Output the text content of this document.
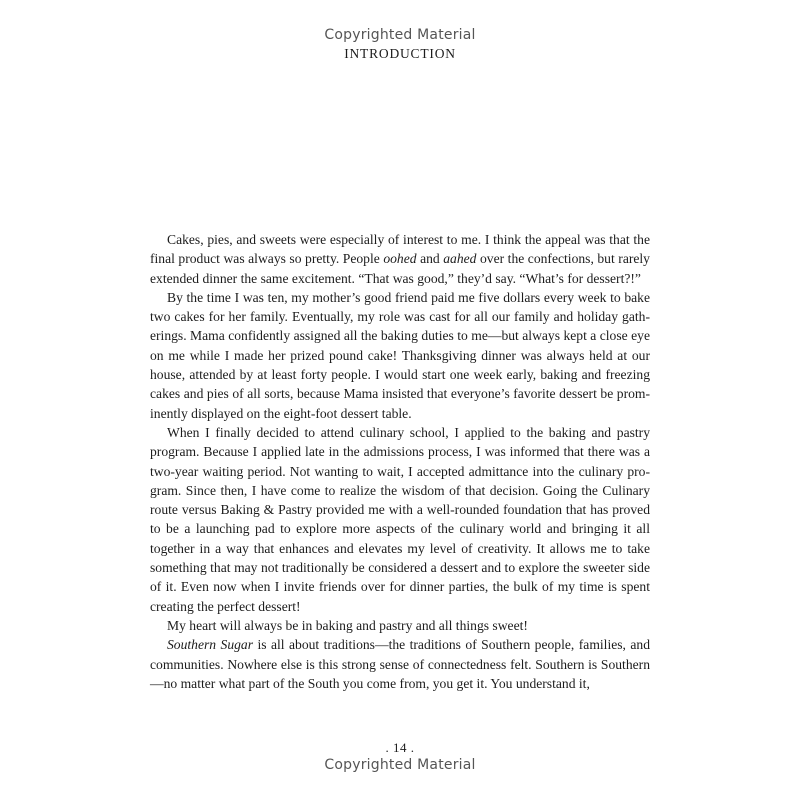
Copyrighted Material
INTRODUCTION

Cakes, pies, and sweets were especially of interest to me. I think the appeal was that the final product was always so pretty. People oohed and aahed over the confections, but rarely extended dinner the same excitement. “That was good,” they’d say. “What’s for dessert?!”

By the time I was ten, my mother’s good friend paid me five dollars every week to bake two cakes for her family. Eventually, my role was cast for all our family and holiday gatherings. Mama confidently assigned all the baking duties to me—but always kept a close eye on me while I made her prized pound cake! Thanksgiving dinner was always held at our house, attended by at least forty people. I would start one week early, baking and freezing cakes and pies of all sorts, because Mama insisted that everyone’s favorite dessert be prominently displayed on the eight-foot dessert table.

When I finally decided to attend culinary school, I applied to the baking and pastry program. Because I applied late in the admissions process, I was informed that there was a two-year waiting period. Not wanting to wait, I accepted admittance into the culinary program. Since then, I have come to realize the wisdom of that decision. Going the Culinary route versus Baking & Pastry provided me with a well-rounded foundation that has proved to be a launching pad to explore more aspects of the culinary world and bringing it all together in a way that enhances and elevates my level of creativity. It allows me to take something that may not traditionally be considered a dessert and to explore the sweeter side of it. Even now when I invite friends over for dinner parties, the bulk of my time is spent creating the perfect dessert!

My heart will always be in baking and pastry and all things sweet!

Southern Sugar is all about traditions—the traditions of Southern people, families, and communities. Nowhere else is this strong sense of connectedness felt. Southern is Southern—no matter what part of the South you come from, you get it. You understand it,

. 14 .
Copyrighted Material
